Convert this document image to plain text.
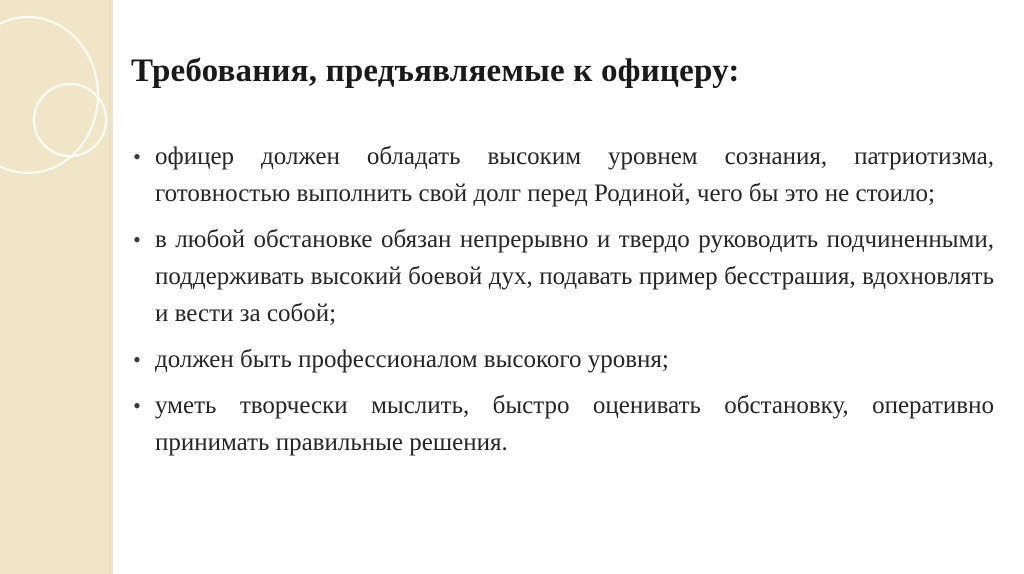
Требования, предъявляемые к офицеру:
• офицер должен обладать высоким уровнем сознания, патриотизма, готовностью выполнить свой долг перед Родиной, чего бы это не стоило;
• в любой обстановке обязан непрерывно и твердо руководить подчиненными, поддерживать высокий боевой дух, подавать пример бесстрашия, вдохновлять и вести за собой;
• должен быть профессионалом высокого уровня;
• уметь творчески мыслить, быстро оценивать обстановку, оперативно принимать правильные решения.
